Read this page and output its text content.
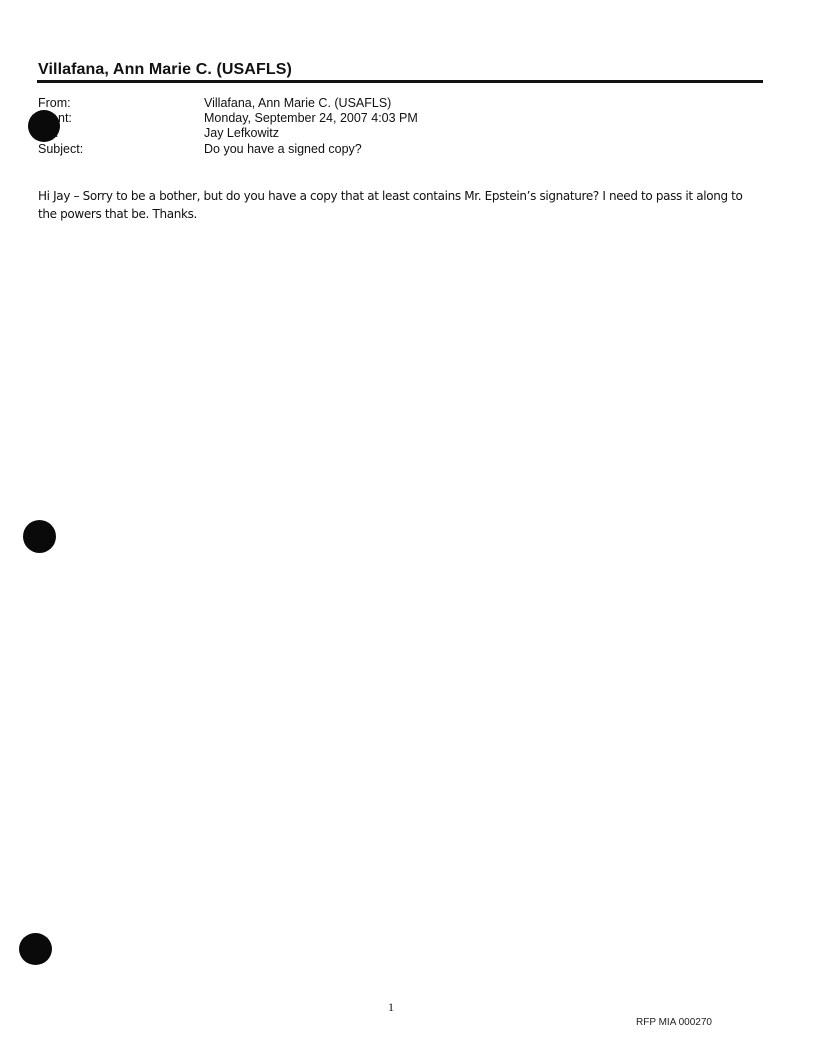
Villafana, Ann Marie C. (USAFLS)
From:	Villafana, Ann Marie C. (USAFLS)
nt:	Monday, September 24, 2007 4:03 PM
Jay Lefkowitz
Subject:	Do you have a signed copy?
Hi Jay – Sorry to be a bother, but do you have a copy that at least contains Mr. Epstein’s signature? I need to pass it along to the powers that be. Thanks.
1
RFP MIA 000270
